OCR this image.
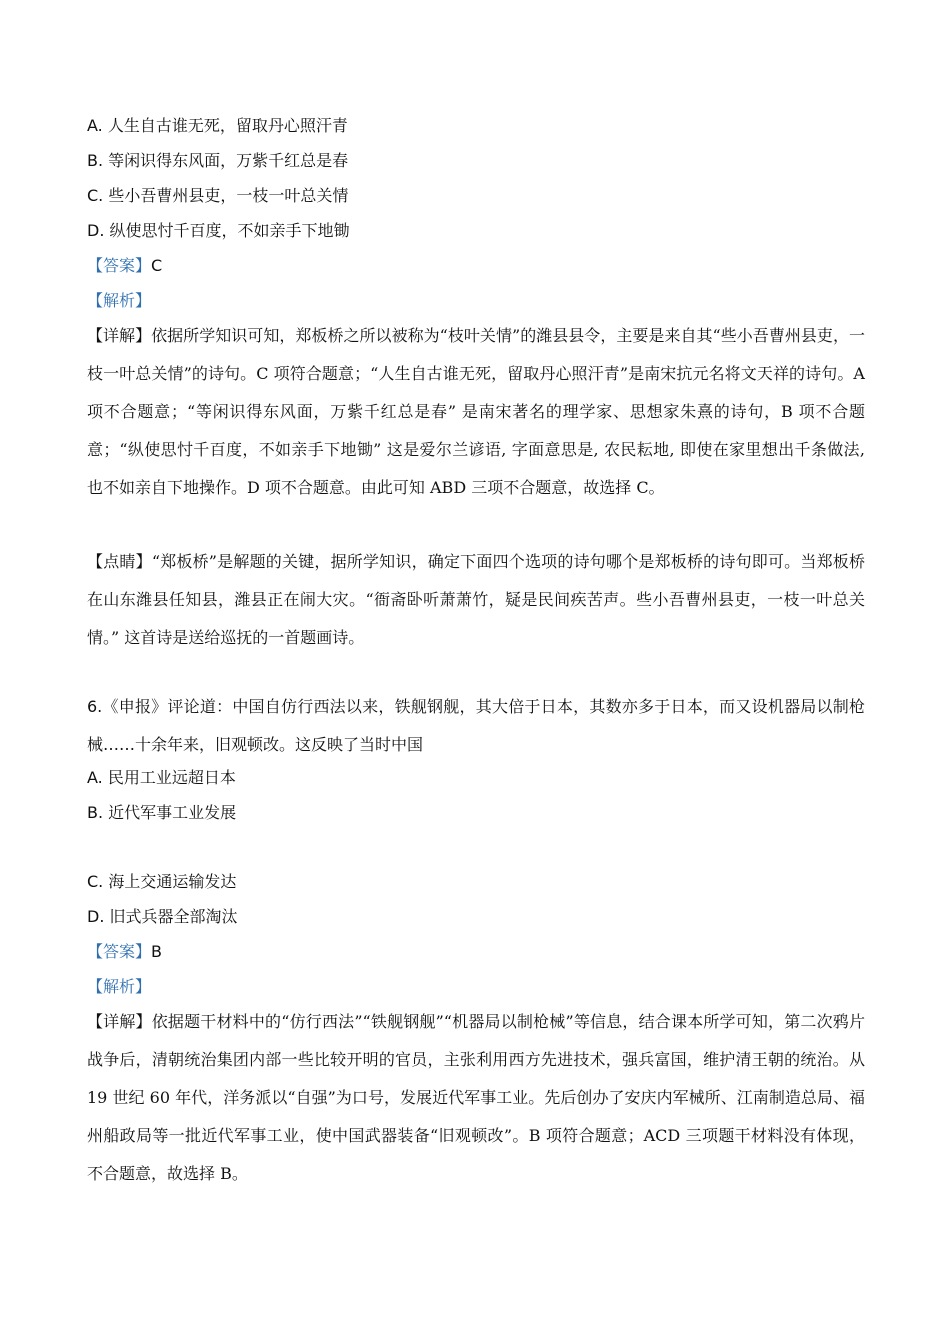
A. 人生自古谁无死，留取丹心照汗青
B. 等闲识得东风面，万紫千红总是春
C. 些小吾曹州县吏，一枝一叶总关情
D. 纵使思忖千百度，不如亲手下地锄
【答案】C
【解析】
【详解】依据所学知识可知，郑板桥之所以被称为“枝叶关情”的潍县县令，主要是来自其“些小吾曹州县吏，一枝一叶总关情”的诗句。C 项符合题意；“人生自古谁无死，留取丹心照汗青”是南宋抗元名将文天祥的诗句。A 项不合题意；“等闲识得东风面，万紫千红总是春” 是南宋著名的理学家、思想家朱熹的诗句，B 项不合题意；“纵使思忖千百度，不如亲手下地锄” 这是爱尔兰谚语, 字面意思是, 农民耘地, 即使在家里想出千条做法, 也不如亲自下地操作。D 项不合题意。由此可知 ABD 三项不合题意，故选择 C。
【点睛】“郑板桥”是解题的关键，据所学知识，确定下面四个选项的诗句哪个是郑板桥的诗句即可。当郑板桥在山东潍县任知县，潍县正在闹大灾。“衙斋卧听萧萧竹，疑是民间疾苦声。些小吾曹州县吏，一枝一叶总关情。” 这首诗是送给巡抚的一首题画诗。
6.《申报》评论道：中国自仿行西法以来，铁舰钢舰，其大倍于日本，其数亦多于日本，而又设机器局以制枪械……十余年来，旧观顿改。这反映了当时中国
A. 民用工业远超日本
B. 近代军事工业发展
C. 海上交通运输发达
D. 旧式兵器全部淘汰
【答案】B
【解析】
【详解】依据题干材料中的“仿行西法”“铁舰钢舰”“机器局以制枪械”等信息，结合课本所学可知，第二次鸦片战争后，清朝统治集团内部一些比较开明的官员，主张利用西方先进技术，强兵富国，维护清王朝的统治。从 19 世纪 60 年代，洋务派以“自强”为口号，发展近代军事工业。先后创办了安庆内军械所、江南制造总局、福州船政局等一批近代军事工业，使中国武器装备“旧观顿改”。B 项符合题意；ACD 三项题干材料没有体现，不合题意，故选择 B。
